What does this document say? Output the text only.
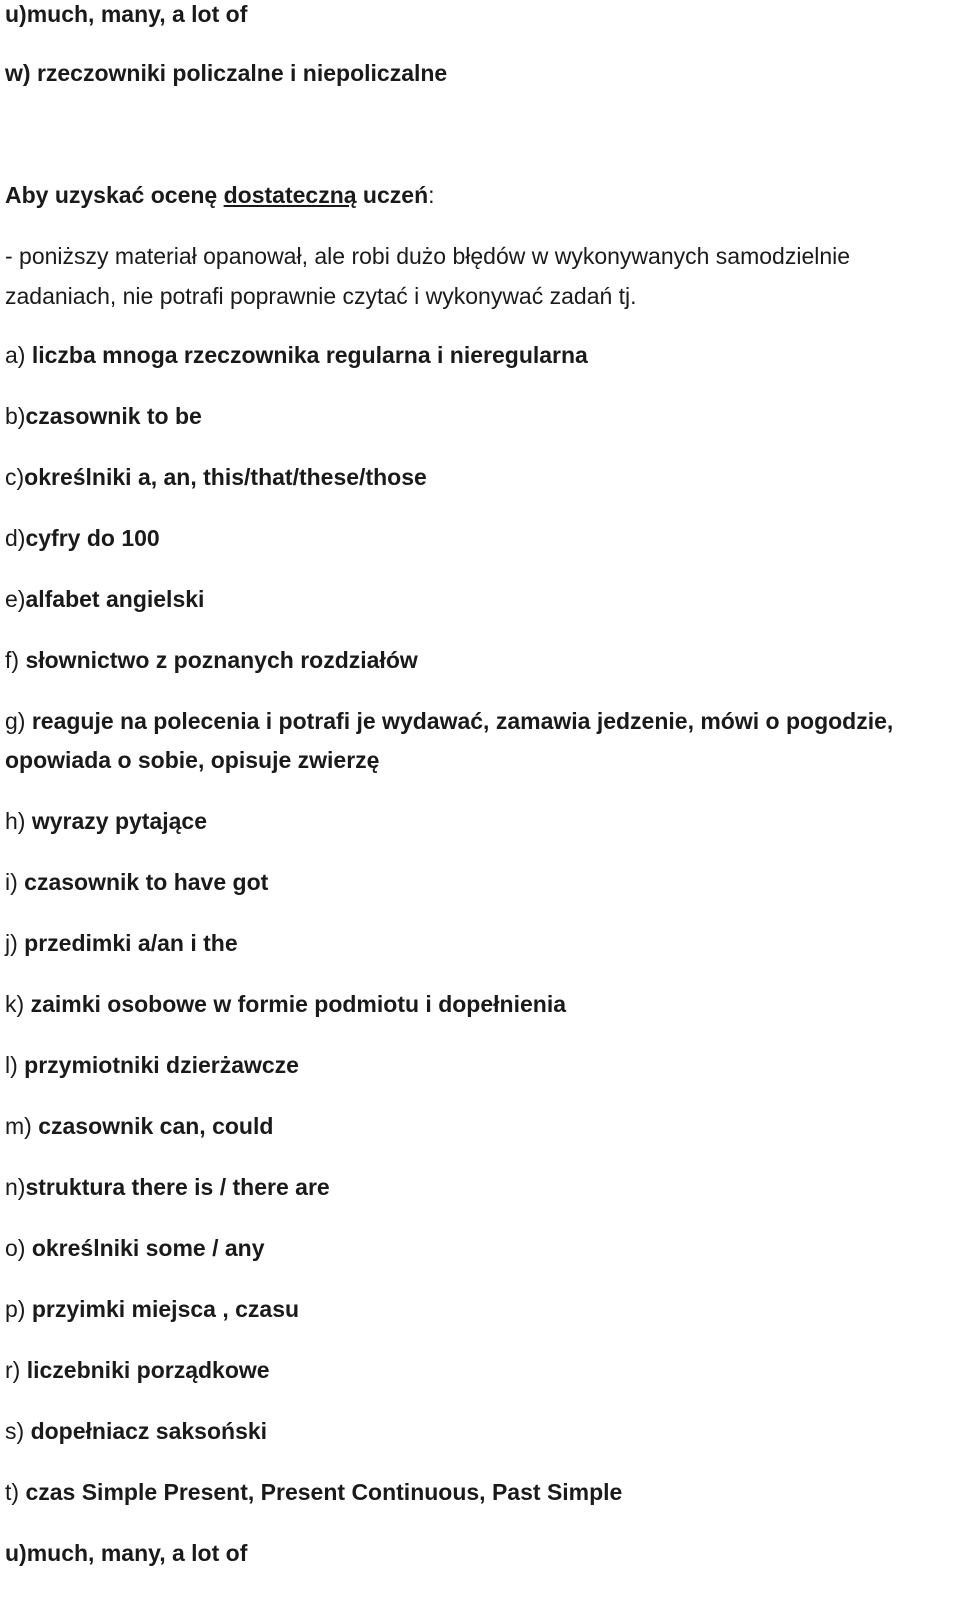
u)much, many, a lot of

w) rzeczowniki policzalne i niepoliczalne

Aby uzyskać ocenę dostateczną uczeń:

- poniższy materiał opanował, ale robi dużo błędów w wykonywanych samodzielnie

zadaniach, nie potrafi poprawnie czytać i wykonywać zadań tj.

a) liczba mnoga rzeczownika regularna i nieregularna

b)czasownik to be

c)określniki a, an, this/that/these/those

d)cyfry do 100

e)alfabet angielski

f) słownictwo z poznanych rozdziałów

g) reaguje na polecenia i potrafi je wydawać, zamawia jedzenie, mówi o pogodzie,

opowiada o sobie, opisuje zwierzę

h) wyrazy pytające

i) czasownik to have got

j) przedimki a/an i the

k) zaimki osobowe w formie podmiotu i dopełnienia

l) przymiotniki dzierżawcze

m) czasownik can, could

n)struktura there is / there are

o) określniki some / any

p) przyimki miejsca , czasu

r) liczebniki porządkowe

s) dopełniacz saksoński

t) czas Simple Present, Present Continuous, Past Simple

u)much, many, a lot of
